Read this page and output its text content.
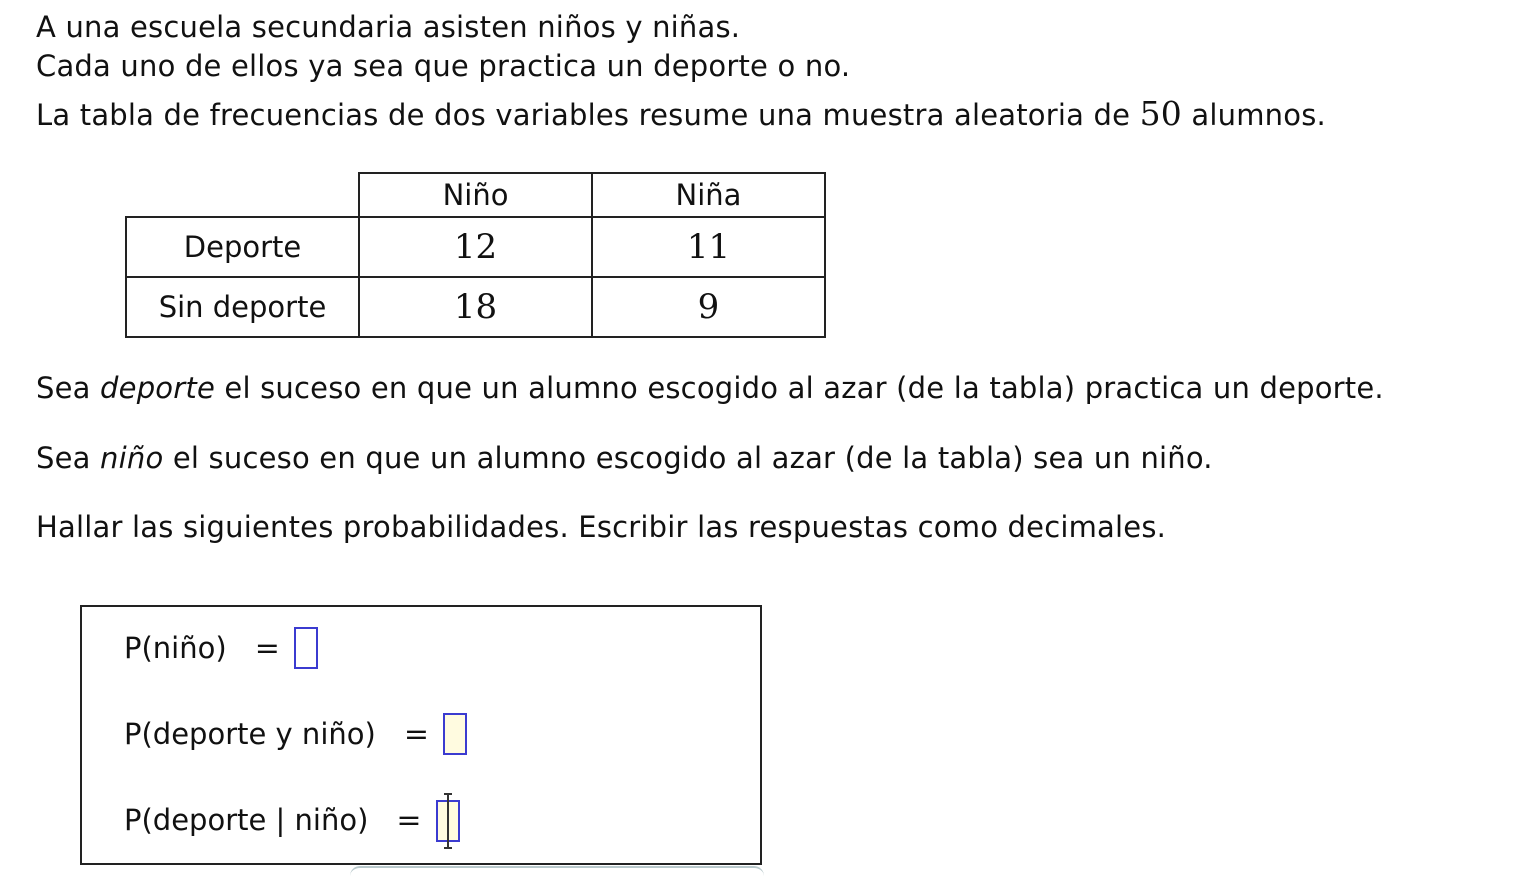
A una escuela secundaria asisten niños y niñas.
Cada uno de ellos ya sea que practica un deporte o no.
La tabla de frecuencias de dos variables resume una muestra aleatoria de 50 alumnos.
	Niño	Niña
Deporte	12	11
Sin deporte	18	9
Sea deporte el suceso en que un alumno escogido al azar (de la tabla) practica un deporte.
Sea niño el suceso en que un alumno escogido al azar (de la tabla) sea un niño.
Hallar las siguientes probabilidades. Escribir las respuestas como decimales.
P(niño) =
P(deporte y niño) =
P(deporte | niño) =
